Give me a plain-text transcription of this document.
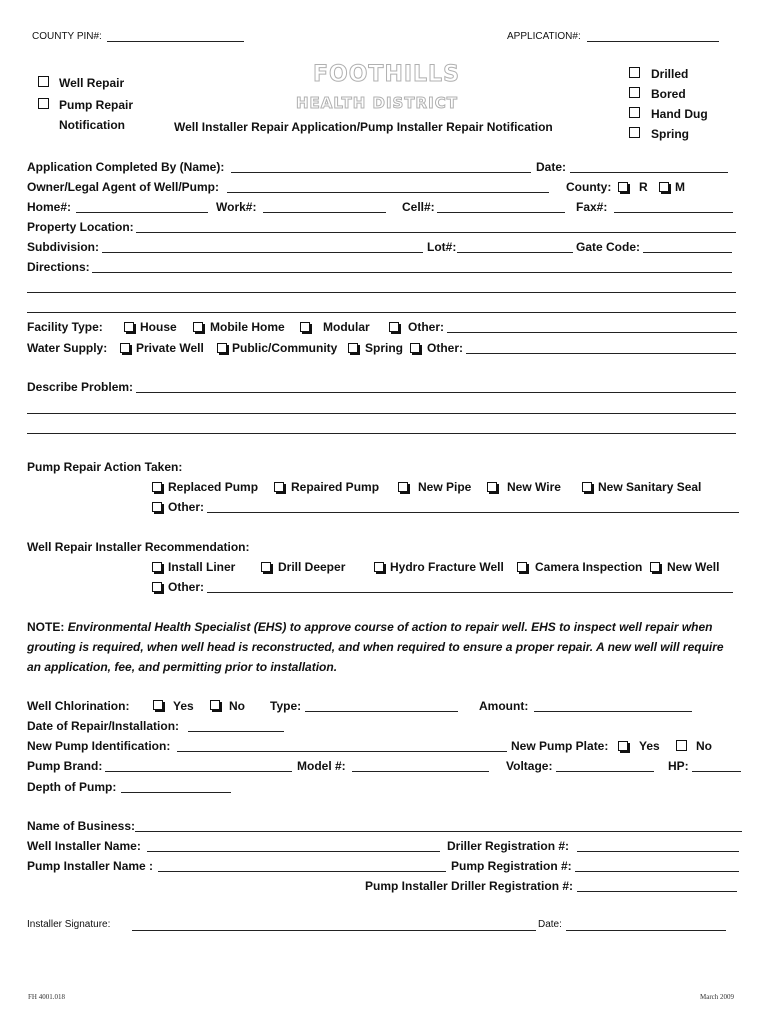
COUNTY PIN#:	APPLICATION#:
Well Repair
Pump Repair
Notification
FOOTHILLS
HEALTH DISTRICT
Well Installer Repair Application/Pump Installer Repair Notification
Drilled
Bored
Hand Dug
Spring
Application Completed By (Name):	Date:
Owner/Legal Agent of Well/Pump:	County: R M
Home#:	Work#:	Cell#:	Fax#:
Property Location:
Subdivision:	Lot#:	Gate Code:
Directions:
Facility Type:	House	Mobile Home	Modular	Other:
Water Supply: Private Well Public/Community Spring Other:
Describe Problem:
Pump Repair Action Taken:
Replaced Pump	Repaired Pump	New Pipe	New Wire	New Sanitary Seal
Other:
Well Repair Installer Recommendation:
Install Liner	Drill Deeper	Hydro Fracture Well	Camera Inspection New Well
Other:
NOTE: Environmental Health Specialist (EHS) to approve course of action to repair well. EHS to inspect well repair when grouting is required, when well head is reconstructed, and when required to ensure a proper repair. A new well will require an application, fee, and permitting prior to installation.
Well Chlorination:	Yes	No Type:	Amount:
Date of Repair/Installation:
New Pump Identification:	New Pump Plate:	Yes	No
Pump Brand:	Model #:	Voltage:	HP:
Depth of Pump:
Name of Business:
Well Installer Name:	Driller Registration #:
Pump Installer Name :	Pump Registration #:
Pump Installer Driller Registration #:
Installer Signature:	Date:
FH 4001.018	March 2009
